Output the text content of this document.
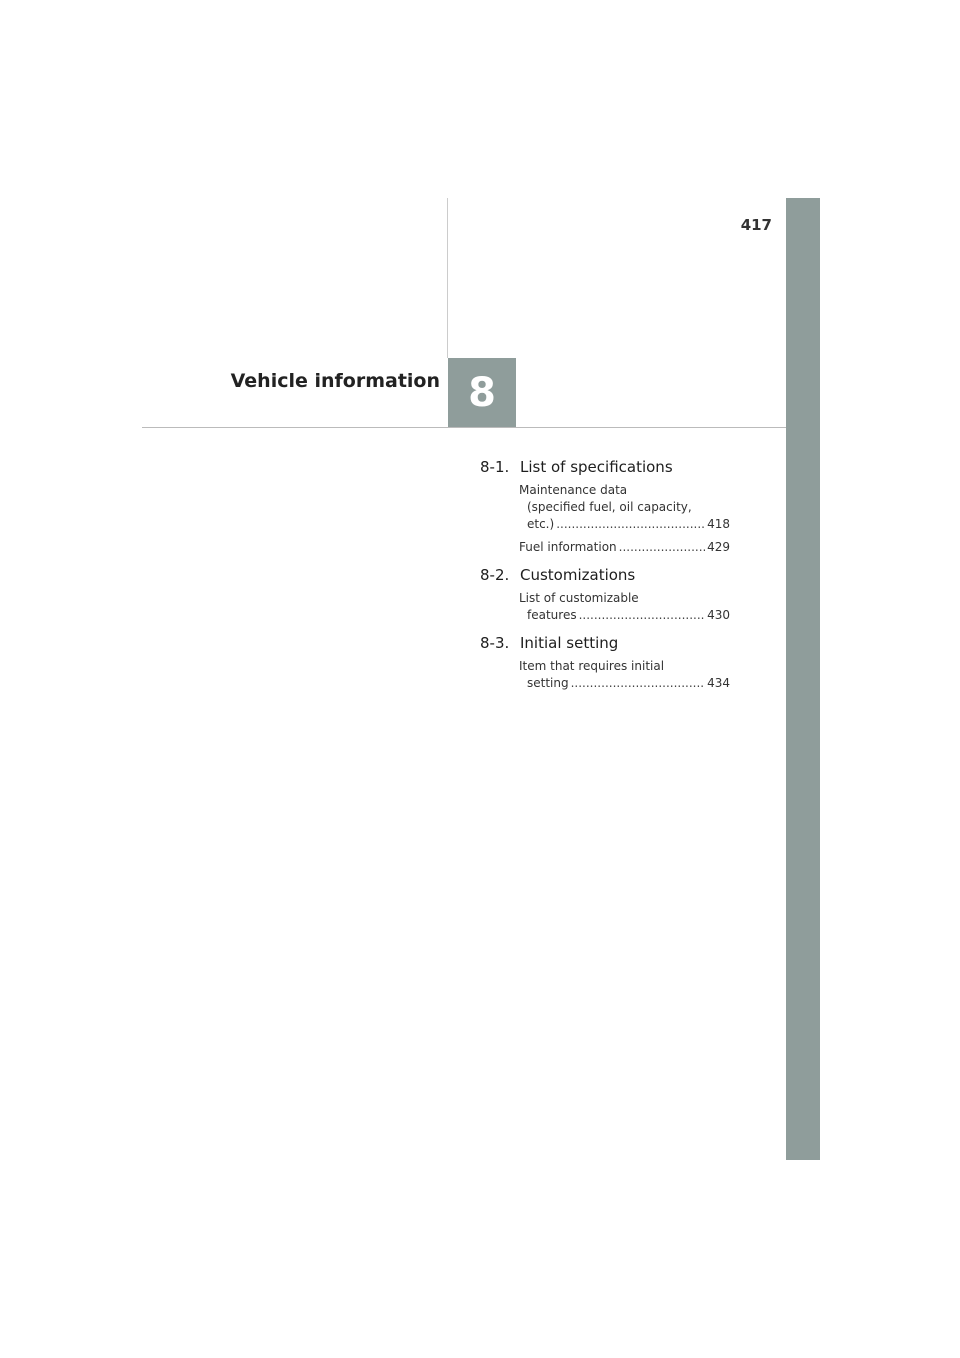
417
Vehicle information 8
8-1. List of specifications
Maintenance data
(specified fuel, oil capacity,
etc.) .....	418
Fuel information .....	429
8-2. Customizations
List of customizable
features .....	430
8-3. Initial setting
Item that requires initial
setting .....	434
